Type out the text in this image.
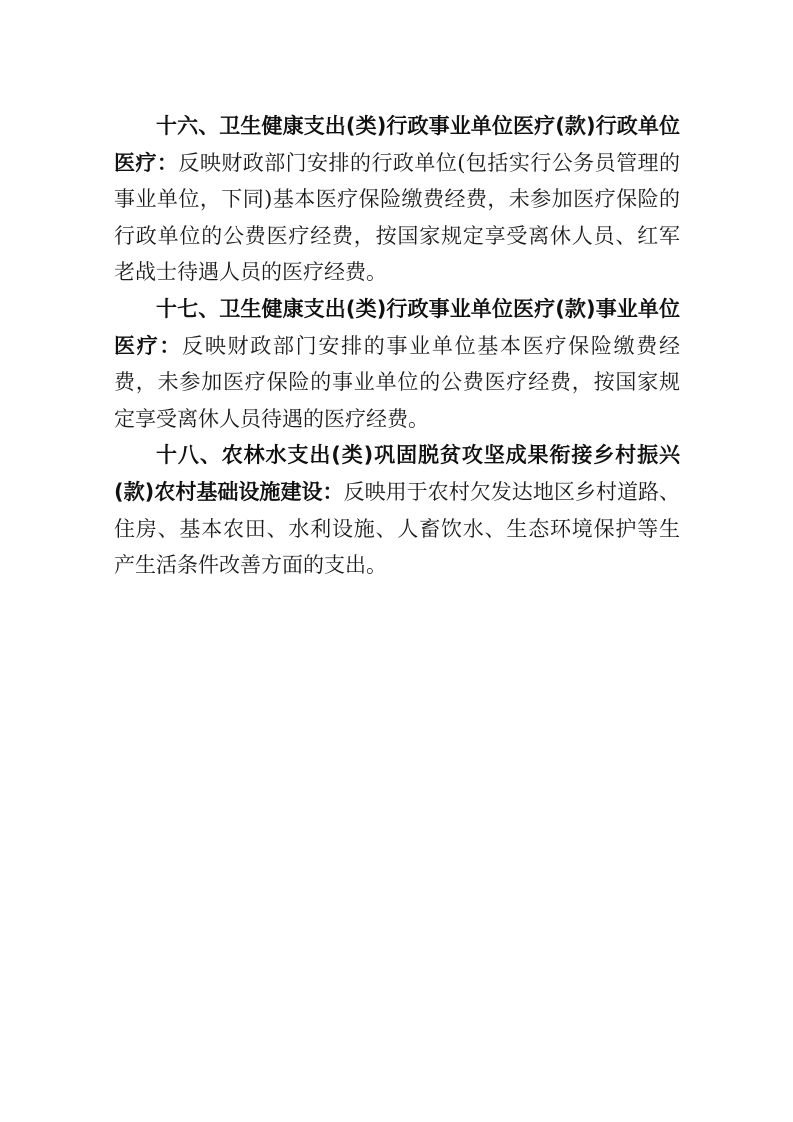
十六、卫生健康支出(类)行政事业单位医疗(款)行政单位医疗：反映财政部门安排的行政单位(包括实行公务员管理的事业单位，下同)基本医疗保险缴费经费，未参加医疗保险的行政单位的公费医疗经费，按国家规定享受离休人员、红军老战士待遇人员的医疗经费。

十七、卫生健康支出(类)行政事业单位医疗(款)事业单位医疗：反映财政部门安排的事业单位基本医疗保险缴费经费，未参加医疗保险的事业单位的公费医疗经费，按国家规定享受离休人员待遇的医疗经费。

十八、农林水支出(类)巩固脱贫攻坚成果衔接乡村振兴(款)农村基础设施建设：反映用于农村欠发达地区乡村道路、住房、基本农田、水利设施、人畜饮水、生态环境保护等生产生活条件改善方面的支出。
